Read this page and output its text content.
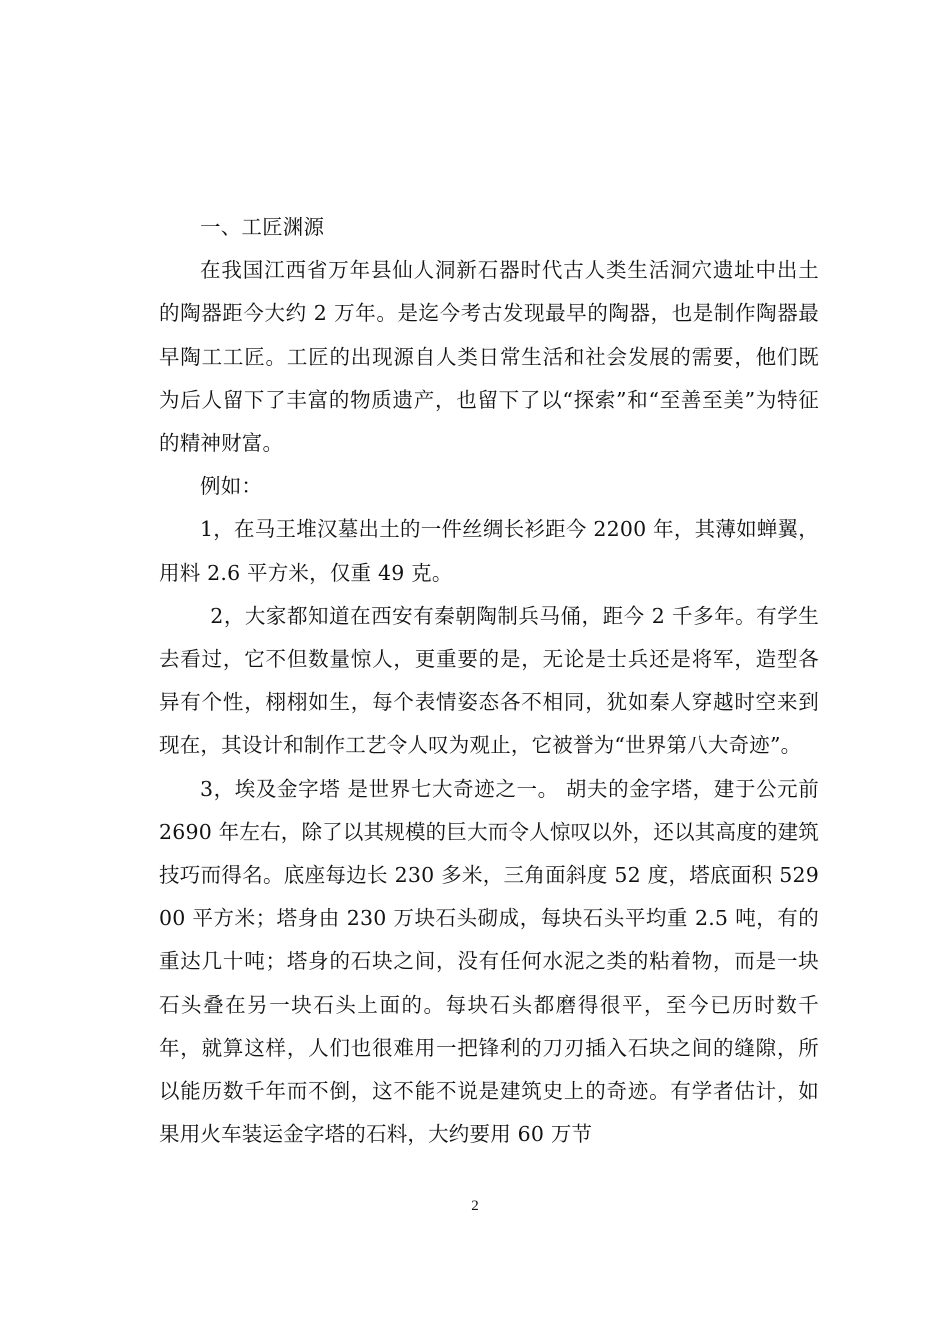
一、工匠渊源

在我国江西省万年县仙人洞新石器时代古人类生活洞穴遗址中出土的陶器距今大约 2 万年。是迄今考古发现最早的陶器，也是制作陶器最早陶工工匠。工匠的出现源自人类日常生活和社会发展的需要，他们既为后人留下了丰富的物质遗产，也留下了以“探索”和“至善至美”为特征的精神财富。

例如：

1，在马王堆汉墓出土的一件丝绸长衫距今 2200 年，其薄如蝉翼，用料 2.6 平方米，仅重 49 克。

2，大家都知道在西安有秦朝陶制兵马俑，距今 2 千多年。有学生去看过，它不但数量惊人，更重要的是，无论是士兵还是将军，造型各异有个性，栩栩如生，每个表情姿态各不相同，犹如秦人穿越时空来到现在，其设计和制作工艺令人叹为观止，它被誉为“世界第八大奇迹”。

3，埃及金字塔 是世界七大奇迹之一。 胡夫的金字塔，建于公元前 2690 年左右，除了以其规模的巨大而令人惊叹以外，还以其高度的建筑技巧而得名。底座每边长 230 多米，三角面斜度 52 度，塔底面积 52900 平方米；塔身由 230 万块石头砌成，每块石头平均重 2.5 吨，有的重达几十吨；塔身的石块之间，没有任何水泥之类的粘着物，而是一块石头叠在另一块石头上面的。每块石头都磨得很平，至今已历时数千年，就算这样，人们也很难用一把锋利的刀刃插入石块之间的缝隙，所以能历数千年而不倒，这不能不说是建筑史上的奇迹。有学者估计，如果用火车装运金字塔的石料，大约要用 60 万节

2
